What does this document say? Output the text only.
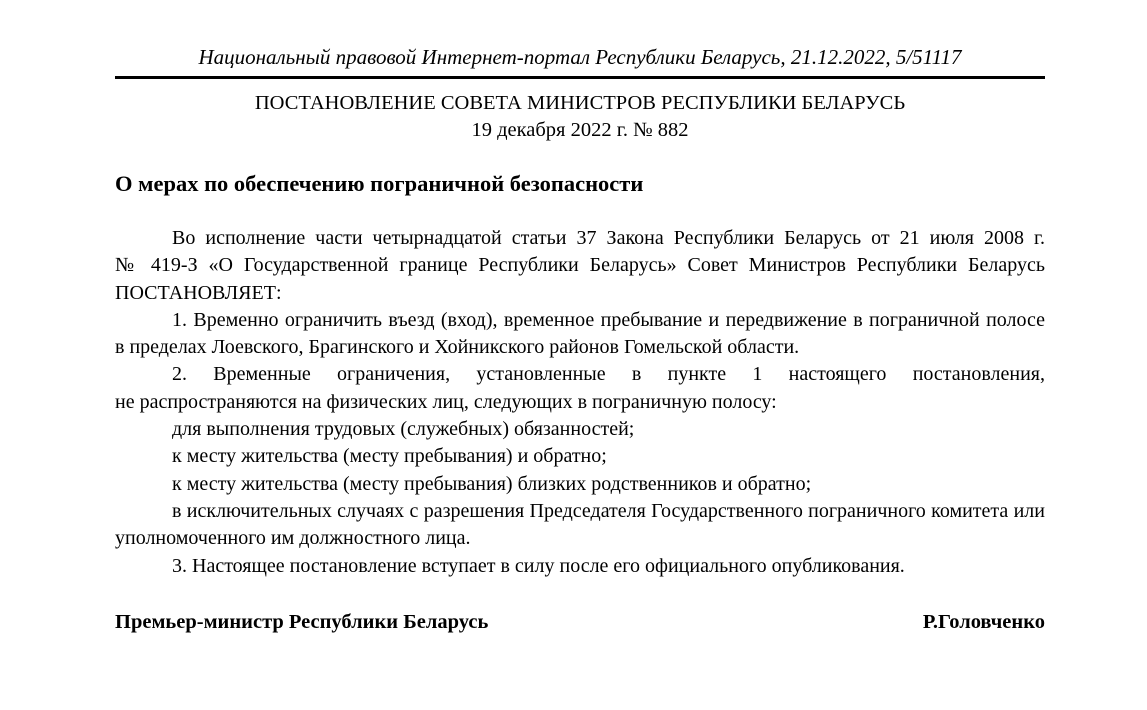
Национальный правовой Интернет-портал Республики Беларусь, 21.12.2022, 5/51117
ПОСТАНОВЛЕНИЕ СОВЕТА МИНИСТРОВ РЕСПУБЛИКИ БЕЛАРУСЬ
19 декабря 2022 г. № 882
О мерах по обеспечению пограничной безопасности

Во исполнение части четырнадцатой статьи 37 Закона Республики Беларусь от 21 июля 2008 г. № 419-З «О Государственной границе Республики Беларусь» Совет Министров Республики Беларусь ПОСТАНОВЛЯЕТ:

1. Временно ограничить въезд (вход), временное пребывание и передвижение в пограничной полосе в пределах Лоевского, Брагинского и Хойникского районов Гомельской области.

2. Временные ограничения, установленные в пункте 1 настоящего постановления, не распространяются на физических лиц, следующих в пограничную полосу:

для выполнения трудовых (служебных) обязанностей;

к месту жительства (месту пребывания) и обратно;

к месту жительства (месту пребывания) близких родственников и обратно;

в исключительных случаях с разрешения Председателя Государственного пограничного комитета или уполномоченного им должностного лица.

3. Настоящее постановление вступает в силу после его официального опубликования.

Премьер-министр Республики Беларусь	Р.Головченко
